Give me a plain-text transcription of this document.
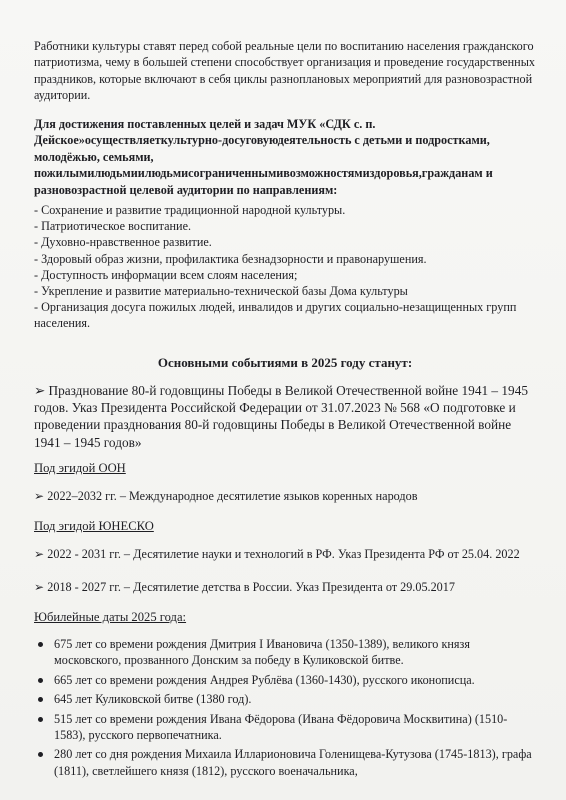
Работники культуры ставят перед собой реальные цели по воспитанию населения гражданского патриотизма, чему в большей степени способствует организация и проведение государственных праздников, которые включают в себя циклы разноплановых мероприятий для разновозрастной аудитории.
Для достижения поставленных целей и задач МУК «СДК с. п. Дейское»осуществляеткультурно-досуговуюдеятельность с детьми и подростками, молодёжью, семьями, пожилымилюдьмиилюдьмисограниченнымивозможностямиздоровья,гражданам и разновозрастной целевой аудитории по направлениям:
- Сохранение и развитие традиционной народной культуры.
- Патриотическое воспитание.
- Духовно-нравственное развитие.
- Здоровый образ жизни, профилактика безнадзорности и правонарушения.
- Доступность информации всем слоям населения;
- Укрепление и развитие материально-технической базы Дома культуры
- Организация досуга пожилых людей, инвалидов и других социально-незащищенных групп населения.
Основными событиями в 2025 году станут:
➢ Празднование 80-й годовщины Победы в Великой Отечественной войне 1941 – 1945 годов. Указ Президента Российской Федерации от 31.07.2023 № 568 «О подготовке и проведении празднования 80-й годовщины Победы в Великой Отечественной войне 1941 – 1945 годов»
Под эгидой ООН
➢ 2022–2032 гг. – Международное десятилетие языков коренных народов
Под эгидой ЮНЕСКО
➢ 2022 - 2031 гг. – Десятилетие науки и технологий в РФ. Указ Президента РФ от 25.04. 2022
➢ 2018 - 2027 гг. – Десятилетие детства в России. Указ Президента от 29.05.2017
Юбилейные даты 2025 года:
675 лет со времени рождения Дмитрия I Ивановича (1350-1389), великого князя московского, прозванного Донским за победу в Куликовской битве.
665 лет со времени рождения Андрея Рублёва (1360-1430), русского иконописца.
645 лет Куликовской битве (1380 год).
515 лет со времени рождения Ивана Фёдорова (Ивана Фёдоровича Москвитина) (1510-1583), русского первопечатника.
280 лет со дня рождения Михаила Илларионовича Голенищева-Кутузова (1745-1813), графа (1811), светлейшего князя (1812), русского военачальника,
